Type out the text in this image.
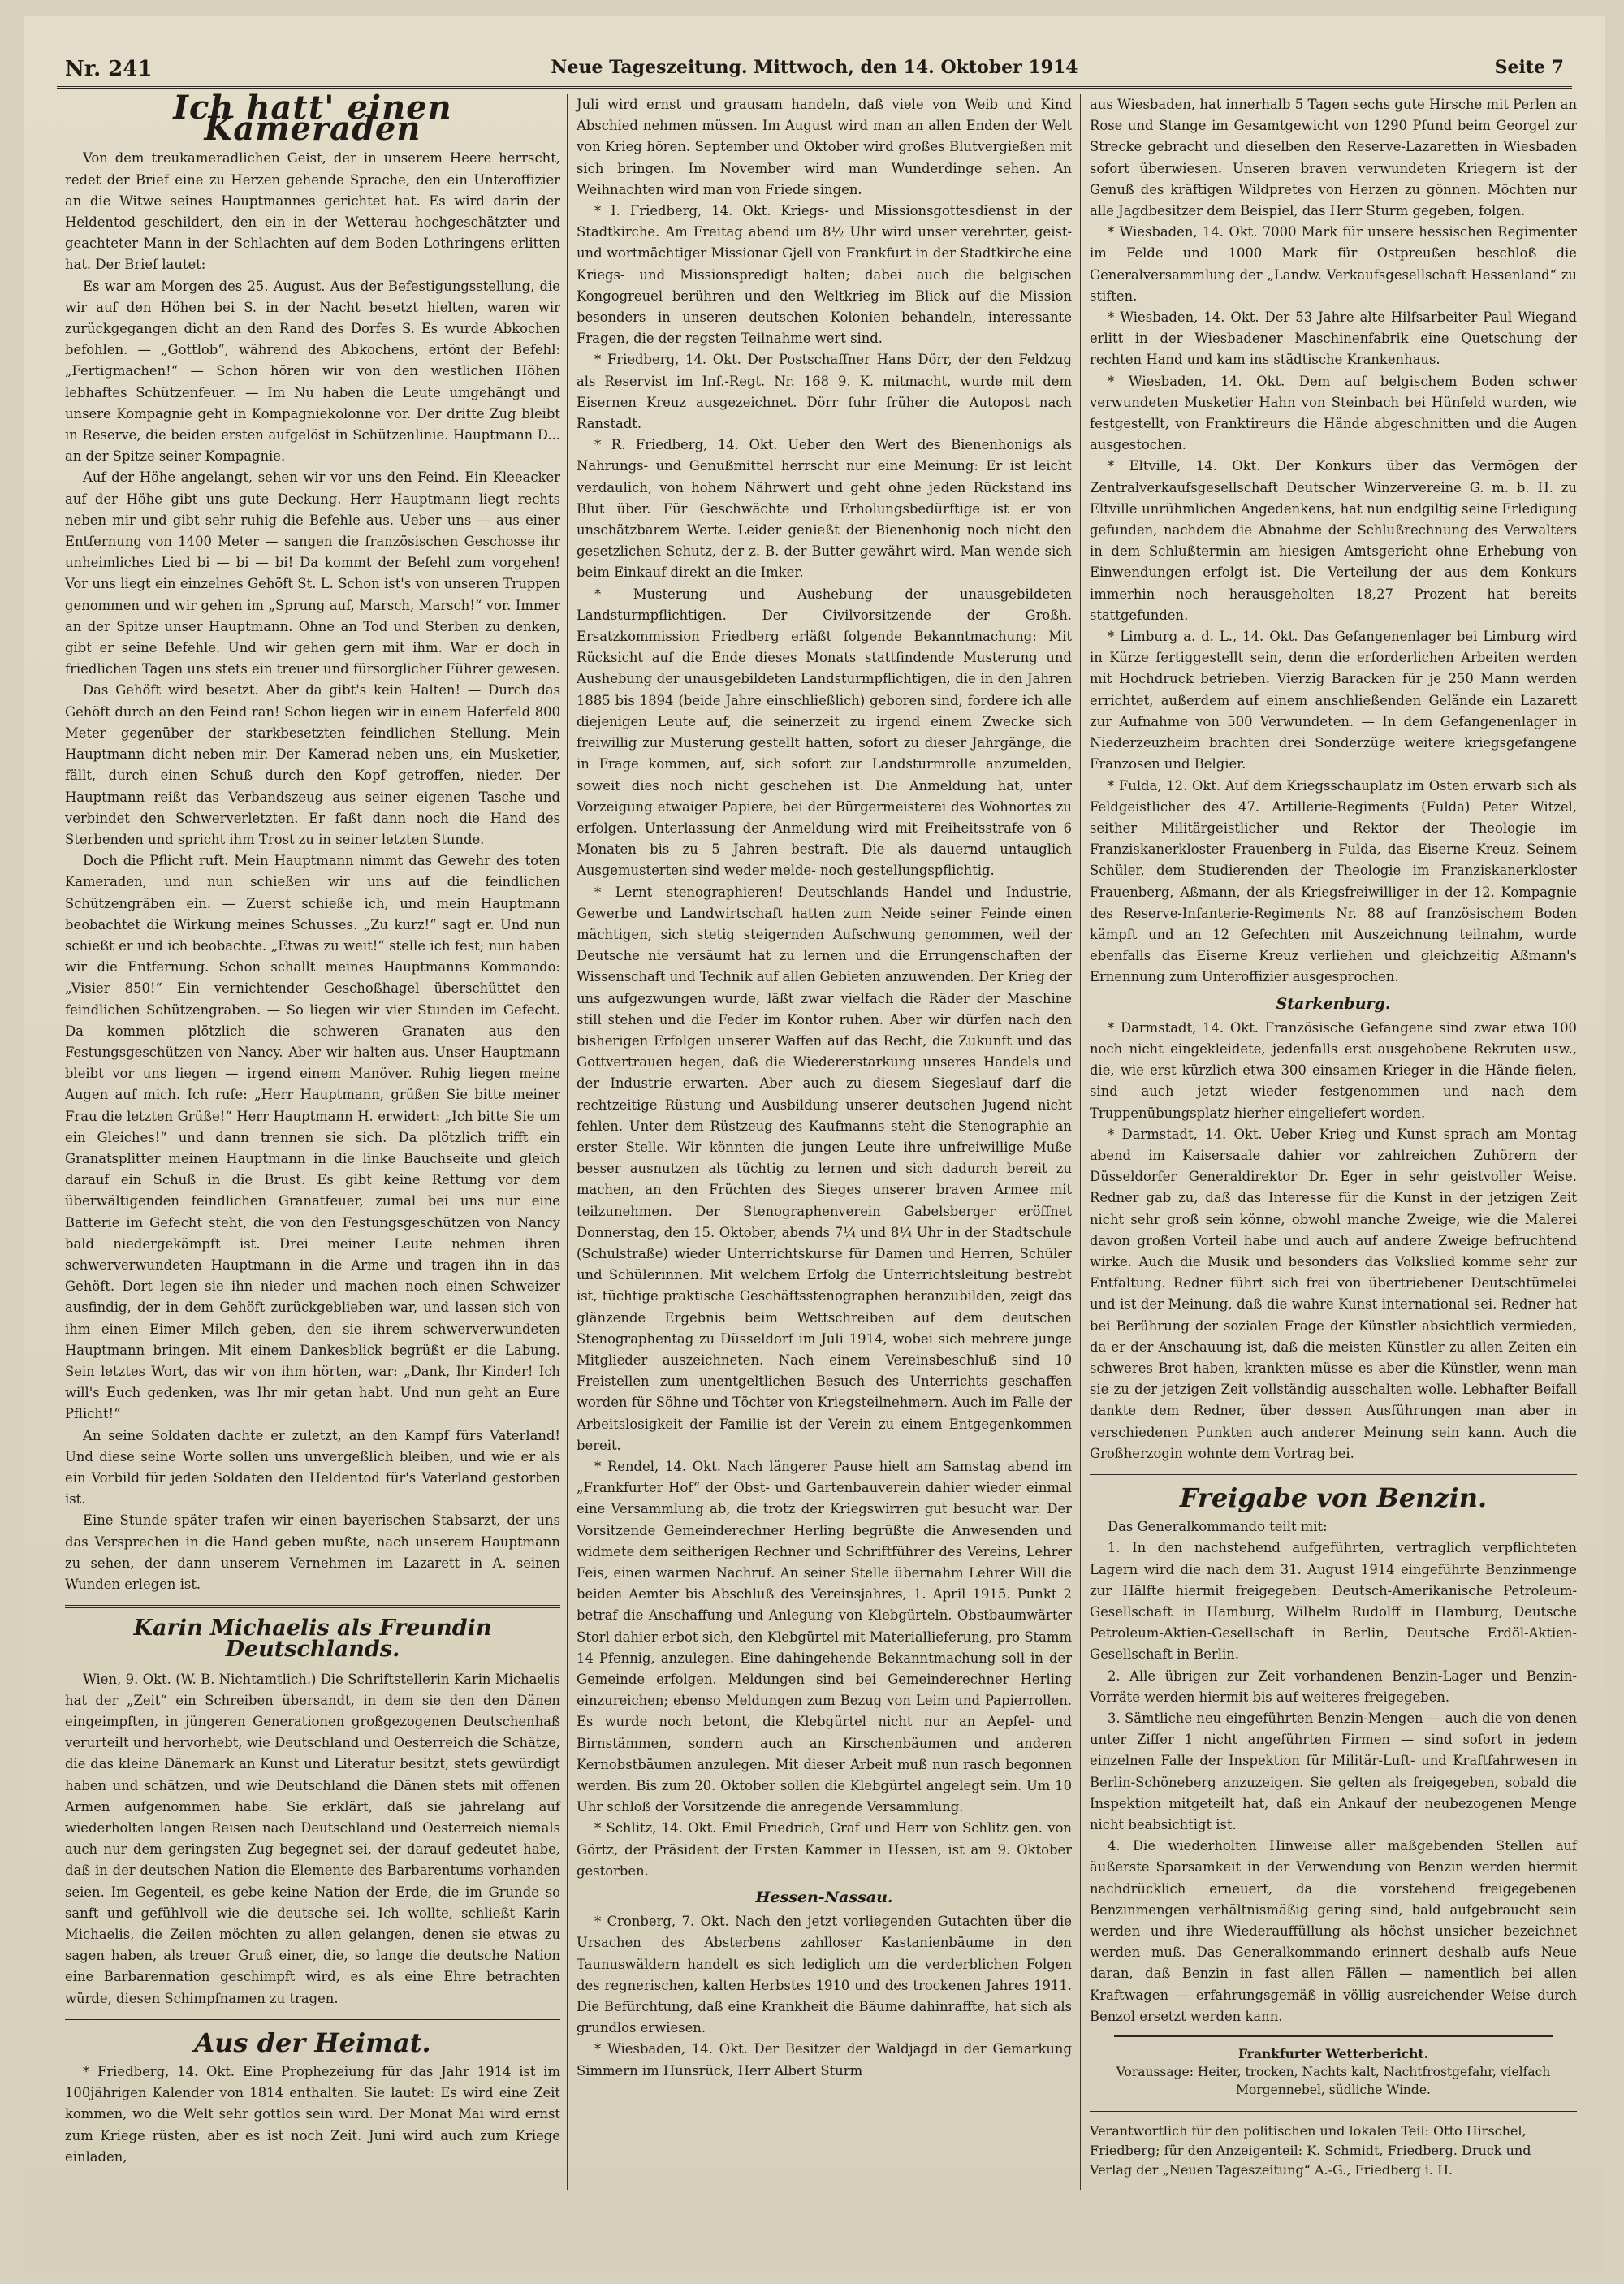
Nr. 241	Neue Tageszeitung. Mittwoch, den 14. Oktober 1914	Seite 7
Ich hatt' einen Kameraden

Von dem treukameradlichen Geist, der in unserem Heere herrscht, redet der Brief eine zu Herzen gehende Sprache, den ein Unteroffizier an die Witwe seines Hauptmannes gerichtet hat. Es wird darin der Heldentod geschildert, den ein in der Wetterau hochgeschätzter und geachteter Mann in der Schlachten auf dem Boden Lothringens erlitten hat. Der Brief lautet:

Es war am Morgen des 25. August. Aus der Befestigungsstellung, die wir auf den Höhen bei S. in der Nacht besetzt hielten, waren wir zurückgegangen dicht an den Rand des Dorfes S. Es wurde Abkochen befohlen. — „Gottlob“, während des Abkochens, ertönt der Befehl: „Fertigmachen!“ — Schon hören wir von den westlichen Höhen lebhaftes Schützenfeuer. — Im Nu haben die Leute umgehängt und unsere Kompagnie geht in Kompagniekolonne vor. Der dritte Zug bleibt in Reserve, die beiden ersten aufgelöst in Schützenlinie. Hauptmann D... an der Spitze seiner Kompagnie.

Auf der Höhe angelangt, sehen wir vor uns den Feind. Ein Kleeacker auf der Höhe gibt uns gute Deckung. Herr Hauptmann liegt rechts neben mir und gibt sehr ruhig die Befehle aus. Ueber uns — aus einer Entfernung von 1400 Meter — sangen die französischen Geschosse ihr unheimliches Lied bi — bi — bi! Da kommt der Befehl zum vorgehen! Vor uns liegt ein einzelnes Gehöft St. L. Schon ist's von unseren Truppen genommen und wir gehen im „Sprung auf, Marsch, Marsch!“ vor. Immer an der Spitze unser Hauptmann. Ohne an Tod und Sterben zu denken, gibt er seine Befehle. Und wir gehen gern mit ihm. War er doch in friedlichen Tagen uns stets ein treuer und fürsorglicher Führer gewesen.

Das Gehöft wird besetzt. Aber da gibt's kein Halten! — Durch das Gehöft durch an den Feind ran! Schon liegen wir in einem Haferfeld 800 Meter gegenüber der starkbesetzten feindlichen Stellung. Mein Hauptmann dicht neben mir. Der Kamerad neben uns, ein Musketier, fällt, durch einen Schuß durch den Kopf getroffen, nieder. Der Hauptmann reißt das Verbandszeug aus seiner eigenen Tasche und verbindet den Schwerverletzten. Er faßt dann noch die Hand des Sterbenden und spricht ihm Trost zu in seiner letzten Stunde.

Doch die Pflicht ruft. Mein Hauptmann nimmt das Gewehr des toten Kameraden, und nun schießen wir uns auf die feindlichen Schützengräben ein. — Zuerst schieße ich, und mein Hauptmann beobachtet die Wirkung meines Schusses. „Zu kurz!“ sagt er. Und nun schießt er und ich beobachte. „Etwas zu weit!“ stelle ich fest; nun haben wir die Entfernung. Schon schallt meines Hauptmanns Kommando: „Visier 850!“ Ein vernichtender Geschoßhagel überschüttet den feindlichen Schützengraben. — So liegen wir vier Stunden im Gefecht. Da kommen plötzlich die schweren Granaten aus den Festungsgeschützen von Nancy. Aber wir halten aus. Unser Hauptmann bleibt vor uns liegen — irgend einem Manöver. Ruhig liegen meine Augen auf mich. Ich rufe: „Herr Hauptmann, grüßen Sie bitte meiner Frau die letzten Grüße!“ Herr Hauptmann H. erwidert: „Ich bitte Sie um ein Gleiches!“ und dann trennen sie sich. Da plötzlich trifft ein Granatsplitter meinen Hauptmann in die linke Bauchseite und gleich darauf ein Schuß in die Brust. Es gibt keine Rettung vor dem überwältigenden feindlichen Granatfeuer, zumal bei uns nur eine Batterie im Gefecht steht, die von den Festungsgeschützen von Nancy bald niedergekämpft ist. Drei meiner Leute nehmen ihren schwerverwundeten Hauptmann in die Arme und tragen ihn in das Gehöft. Dort legen sie ihn nieder und machen noch einen Schweizer ausfindig, der in dem Gehöft zurückgeblieben war, und lassen sich von ihm einen Eimer Milch geben, den sie ihrem schwerverwundeten Hauptmann bringen. Mit einem Dankesblick begrüßt er die Labung. Sein letztes Wort, das wir von ihm hörten, war: „Dank, Ihr Kinder! Ich will's Euch gedenken, was Ihr mir getan habt. Und nun geht an Eure Pflicht!“

An seine Soldaten dachte er zuletzt, an den Kampf fürs Vaterland! Und diese seine Worte sollen uns unvergeßlich bleiben, und wie er als ein Vorbild für jeden Soldaten den Heldentod für's Vaterland gestorben ist.

Eine Stunde später trafen wir einen bayerischen Stabsarzt, der uns das Versprechen in die Hand geben mußte, nach unserem Hauptmann zu sehen, der dann unserem Vernehmen im Lazarett in A. seinen Wunden erlegen ist.

Karin Michaelis als Freundin Deutschlands.

Wien, 9. Okt. (W. B. Nichtamtlich.) Die Schriftstellerin Karin Michaelis hat der „Zeit“ ein Schreiben übersandt, in dem sie den den Dänen eingeimpften, in jüngeren Generationen großgezogenen Deutschenhaß verurteilt und hervorhebt, wie Deutschland und Oesterreich die Schätze, die das kleine Dänemark an Kunst und Literatur besitzt, stets gewürdigt haben und schätzen, und wie Deutschland die Dänen stets mit offenen Armen aufgenommen habe. Sie erklärt, daß sie jahrelang auf wiederholten langen Reisen nach Deutschland und Oesterreich niemals auch nur dem geringsten Zug begegnet sei, der darauf gedeutet habe, daß in der deutschen Nation die Elemente des Barbarentums vorhanden seien. Im Gegenteil, es gebe keine Nation der Erde, die im Grunde so sanft und gefühlvoll wie die deutsche sei. Ich wollte, schließt Karin Michaelis, die Zeilen möchten zu allen gelangen, denen sie etwas zu sagen haben, als treuer Gruß einer, die, so lange die deutsche Nation eine Barbarennation geschimpft wird, es als eine Ehre betrachten würde, diesen Schimpfnamen zu tragen.

Aus der Heimat.

* Friedberg, 14. Okt. Eine Prophezeiung für das Jahr 1914 ist im 100jährigen Kalender von 1814 enthalten. Sie lautet: Es wird eine Zeit kommen, wo die Welt sehr gottlos sein wird. Der Monat Mai wird ernst zum Kriege rüsten, aber es ist noch Zeit. Juni wird auch zum Kriege einladen,

Juli wird ernst und grausam handeln, daß viele von Weib und Kind Abschied nehmen müssen. Im August wird man an allen Enden der Welt von Krieg hören. September und Oktober wird großes Blutvergießen mit sich bringen. Im November wird man Wunderdinge sehen. An Weihnachten wird man von Friede singen.

* I. Friedberg, 14. Okt. Kriegs- und Missionsgottesdienst in der Stadtkirche. Am Freitag abend um 8½ Uhr wird unser verehrter, geist- und wortmächtiger Missionar Gjell von Frankfurt in der Stadtkirche eine Kriegs- und Missionspredigt halten; dabei auch die belgischen Kongogreuel berühren und den Weltkrieg im Blick auf die Mission besonders in unseren deutschen Kolonien behandeln, interessante Fragen, die der regsten Teilnahme wert sind.

* Friedberg, 14. Okt. Der Postschaffner Hans Dörr, der den Feldzug als Reservist im Inf.-Regt. Nr. 168 9. K. mitmacht, wurde mit dem Eisernen Kreuz ausgezeichnet. Dörr fuhr früher die Autopost nach Ranstadt.

* R. Friedberg, 14. Okt. Ueber den Wert des Bienenhonigs als Nahrungs- und Genußmittel herrscht nur eine Meinung: Er ist leicht verdaulich, von hohem Nährwert und geht ohne jeden Rückstand ins Blut über. Für Geschwächte und Erholungsbedürftige ist er von unschätzbarem Werte. Leider genießt der Bienenhonig noch nicht den gesetzlichen Schutz, der z. B. der Butter gewährt wird. Man wende sich beim Einkauf direkt an die Imker.

* Musterung und Aushebung der unausgebildeten Landsturmpflichtigen. Der Civilvorsitzende der Großh. Ersatzkommission Friedberg erläßt folgende Bekanntmachung: Mit Rücksicht auf die Ende dieses Monats stattfindende Musterung und Aushebung der unausgebildeten Landsturmpflichtigen, die in den Jahren 1885 bis 1894 (beide Jahre einschließlich) geboren sind, fordere ich alle diejenigen Leute auf, die seinerzeit zu irgend einem Zwecke sich freiwillig zur Musterung gestellt hatten, sofort zu dieser Jahrgänge, die in Frage kommen, auf, sich sofort zur Landsturmrolle anzumelden, soweit dies noch nicht geschehen ist. Die Anmeldung hat, unter Vorzeigung etwaiger Papiere, bei der Bürgermeisterei des Wohnortes zu erfolgen. Unterlassung der Anmeldung wird mit Freiheitsstrafe von 6 Monaten bis zu 5 Jahren bestraft. Die als dauernd untauglich Ausgemusterten sind weder melde- noch gestellungspflichtig.

* Lernt stenographieren! Deutschlands Handel und Industrie, Gewerbe und Landwirtschaft hatten zum Neide seiner Feinde einen mächtigen, sich stetig steigernden Aufschwung genommen, weil der Deutsche nie versäumt hat zu lernen und die Errungenschaften der Wissenschaft und Technik auf allen Gebieten anzuwenden. Der Krieg der uns aufgezwungen wurde, läßt zwar vielfach die Räder der Maschine still stehen und die Feder im Kontor ruhen. Aber wir dürfen nach den bisherigen Erfolgen unserer Waffen auf das Recht, die Zukunft und das Gottvertrauen hegen, daß die Wiedererstarkung unseres Handels und der Industrie erwarten. Aber auch zu diesem Siegeslauf darf die rechtzeitige Rüstung und Ausbildung unserer deutschen Jugend nicht fehlen. Unter dem Rüstzeug des Kaufmanns steht die Stenographie an erster Stelle. Wir könnten die jungen Leute ihre unfreiwillige Muße besser ausnutzen als tüchtig zu lernen und sich dadurch bereit zu machen, an den Früchten des Sieges unserer braven Armee mit teilzunehmen. Der Stenographenverein Gabelsberger eröffnet Donnerstag, den 15. Oktober, abends 7¼ und 8¼ Uhr in der Stadtschule (Schulstraße) wieder Unterrichtskurse für Damen und Herren, Schüler und Schülerinnen. Mit welchem Erfolg die Unterrichtsleitung bestrebt ist, tüchtige praktische Geschäftsstenographen heranzubilden, zeigt das glänzende Ergebnis beim Wettschreiben auf dem deutschen Stenographentag zu Düsseldorf im Juli 1914, wobei sich mehrere junge Mitglieder auszeichneten. Nach einem Vereinsbeschluß sind 10 Freistellen zum unentgeltlichen Besuch des Unterrichts geschaffen worden für Söhne und Töchter von Kriegsteilnehmern. Auch im Falle der Arbeitslosigkeit der Familie ist der Verein zu einem Entgegenkommen bereit.

* Rendel, 14. Okt. Nach längerer Pause hielt am Samstag abend im „Frankfurter Hof“ der Obst- und Gartenbauverein dahier wieder einmal eine Versammlung ab, die trotz der Kriegswirren gut besucht war. Der Vorsitzende Gemeinderechner Herling begrüßte die Anwesenden und widmete dem seitherigen Rechner und Schriftführer des Vereins, Lehrer Feis, einen warmen Nachruf. An seiner Stelle übernahm Lehrer Will die beiden Aemter bis Abschluß des Vereinsjahres, 1. April 1915. Punkt 2 betraf die Anschaffung und Anlegung von Klebgürteln. Obstbaumwärter Storl dahier erbot sich, den Klebgürtel mit Materiallieferung, pro Stamm 14 Pfennig, anzulegen. Eine dahingehende Bekanntmachung soll in der Gemeinde erfolgen. Meldungen sind bei Gemeinderechner Herling einzureichen; ebenso Meldungen zum Bezug von Leim und Papierrollen. Es wurde noch betont, die Klebgürtel nicht nur an Aepfel- und Birnstämmen, sondern auch an Kirschenbäumen und anderen Kernobstbäumen anzulegen. Mit dieser Arbeit muß nun rasch begonnen werden. Bis zum 20. Oktober sollen die Klebgürtel angelegt sein. Um 10 Uhr schloß der Vorsitzende die anregende Versammlung.

* Schlitz, 14. Okt. Emil Friedrich, Graf und Herr von Schlitz gen. von Görtz, der Präsident der Ersten Kammer in Hessen, ist am 9. Oktober gestorben.

Hessen-Nassau.

* Cronberg, 7. Okt. Nach den jetzt vorliegenden Gutachten über die Ursachen des Absterbens zahlloser Kastanienbäume in den Taunuswäldern handelt es sich lediglich um die verderblichen Folgen des regnerischen, kalten Herbstes 1910 und des trockenen Jahres 1911. Die Befürchtung, daß eine Krankheit die Bäume dahinraffte, hat sich als grundlos erwiesen.

* Wiesbaden, 14. Okt. Der Besitzer der Waldjagd in der Gemarkung Simmern im Hunsrück, Herr Albert Sturm

aus Wiesbaden, hat innerhalb 5 Tagen sechs gute Hirsche mit Perlen an Rose und Stange im Gesamtgewicht von 1290 Pfund beim Georgel zur Strecke gebracht und dieselben den Reserve-Lazaretten in Wiesbaden sofort überwiesen. Unseren braven verwundeten Kriegern ist der Genuß des kräftigen Wildpretes von Herzen zu gönnen. Möchten nur alle Jagdbesitzer dem Beispiel, das Herr Sturm gegeben, folgen.

* Wiesbaden, 14. Okt. 7000 Mark für unsere hessischen Regimenter im Felde und 1000 Mark für Ostpreußen beschloß die Generalversammlung der „Landw. Verkaufsgesellschaft Hessenland“ zu stiften.

* Wiesbaden, 14. Okt. Der 53 Jahre alte Hilfsarbeiter Paul Wiegand erlitt in der Wiesbadener Maschinenfabrik eine Quetschung der rechten Hand und kam ins städtische Krankenhaus.

* Wiesbaden, 14. Okt. Dem auf belgischem Boden schwer verwundeten Musketier Hahn von Steinbach bei Hünfeld wurden, wie festgestellt, von Franktireurs die Hände abgeschnitten und die Augen ausgestochen.

* Eltville, 14. Okt. Der Konkurs über das Vermögen der Zentralverkaufsgesellschaft Deutscher Winzervereine G. m. b. H. zu Eltville unrühmlichen Angedenkens, hat nun endgiltig seine Erledigung gefunden, nachdem die Abnahme der Schlußrechnung des Verwalters in dem Schlußtermin am hiesigen Amtsgericht ohne Erhebung von Einwendungen erfolgt ist. Die Verteilung der aus dem Konkurs immerhin noch herausgeholten 18,27 Prozent hat bereits stattgefunden.

* Limburg a. d. L., 14. Okt. Das Gefangenenlager bei Limburg wird in Kürze fertiggestellt sein, denn die erforderlichen Arbeiten werden mit Hochdruck betrieben. Vierzig Baracken für je 250 Mann werden errichtet, außerdem auf einem anschließenden Gelände ein Lazarett zur Aufnahme von 500 Verwundeten. — In dem Gefangenenlager in Niederzeuzheim brachten drei Sonderzüge weitere kriegsgefangene Franzosen und Belgier.

* Fulda, 12. Okt. Auf dem Kriegsschauplatz im Osten erwarb sich als Feldgeistlicher des 47. Artillerie-Regiments (Fulda) Peter Witzel, seither Militärgeistlicher und Rektor der Theologie im Franziskanerkloster Frauenberg in Fulda, das Eiserne Kreuz. Seinem Schüler, dem Studierenden der Theologie im Franziskanerkloster Frauenberg, Aßmann, der als Kriegsfreiwilliger in der 12. Kompagnie des Reserve-Infanterie-Regiments Nr. 88 auf französischem Boden kämpft und an 12 Gefechten mit Auszeichnung teilnahm, wurde ebenfalls das Eiserne Kreuz verliehen und gleichzeitig Aßmann's Ernennung zum Unteroffizier ausgesprochen.

Starkenburg.

* Darmstadt, 14. Okt. Französische Gefangene sind zwar etwa 100 noch nicht eingekleidete, jedenfalls erst ausgehobene Rekruten usw., die, wie erst kürzlich etwa 300 einsamen Krieger in die Hände fielen, sind auch jetzt wieder festgenommen und nach dem Truppenübungsplatz hierher eingeliefert worden.

* Darmstadt, 14. Okt. Ueber Krieg und Kunst sprach am Montag abend im Kaisersaale dahier vor zahlreichen Zuhörern der Düsseldorfer Generaldirektor Dr. Eger in sehr geistvoller Weise. Redner gab zu, daß das Interesse für die Kunst in der jetzigen Zeit nicht sehr groß sein könne, obwohl manche Zweige, wie die Malerei davon großen Vorteil habe und auch auf andere Zweige befruchtend wirke. Auch die Musik und besonders das Volkslied komme sehr zur Entfaltung. Redner führt sich frei von übertriebener Deutschtümelei und ist der Meinung, daß die wahre Kunst international sei. Redner hat bei Berührung der sozialen Frage der Künstler absichtlich vermieden, da er der Anschauung ist, daß die meisten Künstler zu allen Zeiten ein schweres Brot haben, krankten müsse es aber die Künstler, wenn man sie zu der jetzigen Zeit vollständig ausschalten wolle. Lebhafter Beifall dankte dem Redner, über dessen Ausführungen man aber in verschiedenen Punkten auch anderer Meinung sein kann. Auch die Großherzogin wohnte dem Vortrag bei.

Freigabe von Benzin.

Das Generalkommando teilt mit:

1. In den nachstehend aufgeführten, vertraglich verpflichteten Lagern wird die nach dem 31. August 1914 eingeführte Benzinmenge zur Hälfte hiermit freigegeben: Deutsch-Amerikanische Petroleum-Gesellschaft in Hamburg, Wilhelm Rudolff in Hamburg, Deutsche Petroleum-Aktien-Gesellschaft in Berlin, Deutsche Erdöl-Aktien-Gesellschaft in Berlin.

2. Alle übrigen zur Zeit vorhandenen Benzin-Lager und Benzin-Vorräte werden hiermit bis auf weiteres freigegeben.

3. Sämtliche neu eingeführten Benzin-Mengen — auch die von denen unter Ziffer 1 nicht angeführten Firmen — sind sofort in jedem einzelnen Falle der Inspektion für Militär-Luft- und Kraftfahrwesen in Berlin-Schöneberg anzuzeigen. Sie gelten als freigegeben, sobald die Inspektion mitgeteilt hat, daß ein Ankauf der neubezogenen Menge nicht beabsichtigt ist.

4. Die wiederholten Hinweise aller maßgebenden Stellen auf äußerste Sparsamkeit in der Verwendung von Benzin werden hiermit nachdrücklich erneuert, da die vorstehend freigegebenen Benzinmengen verhältnismäßig gering sind, bald aufgebraucht sein werden und ihre Wiederauffüllung als höchst unsicher bezeichnet werden muß. Das Generalkommando erinnert deshalb aufs Neue daran, daß Benzin in fast allen Fällen — namentlich bei allen Kraftwagen — erfahrungsgemäß in völlig ausreichender Weise durch Benzol ersetzt werden kann.

Frankfurter Wetterbericht.
Voraussage: Heiter, trocken, Nachts kalt, Nachtfrostgefahr, vielfach Morgennebel, südliche Winde.
Verantwortlich für den politischen und lokalen Teil: Otto Hirschel, Friedberg; für den Anzeigenteil: K. Schmidt, Friedberg. Druck und Verlag der „Neuen Tageszeitung“ A.-G., Friedberg i. H.
